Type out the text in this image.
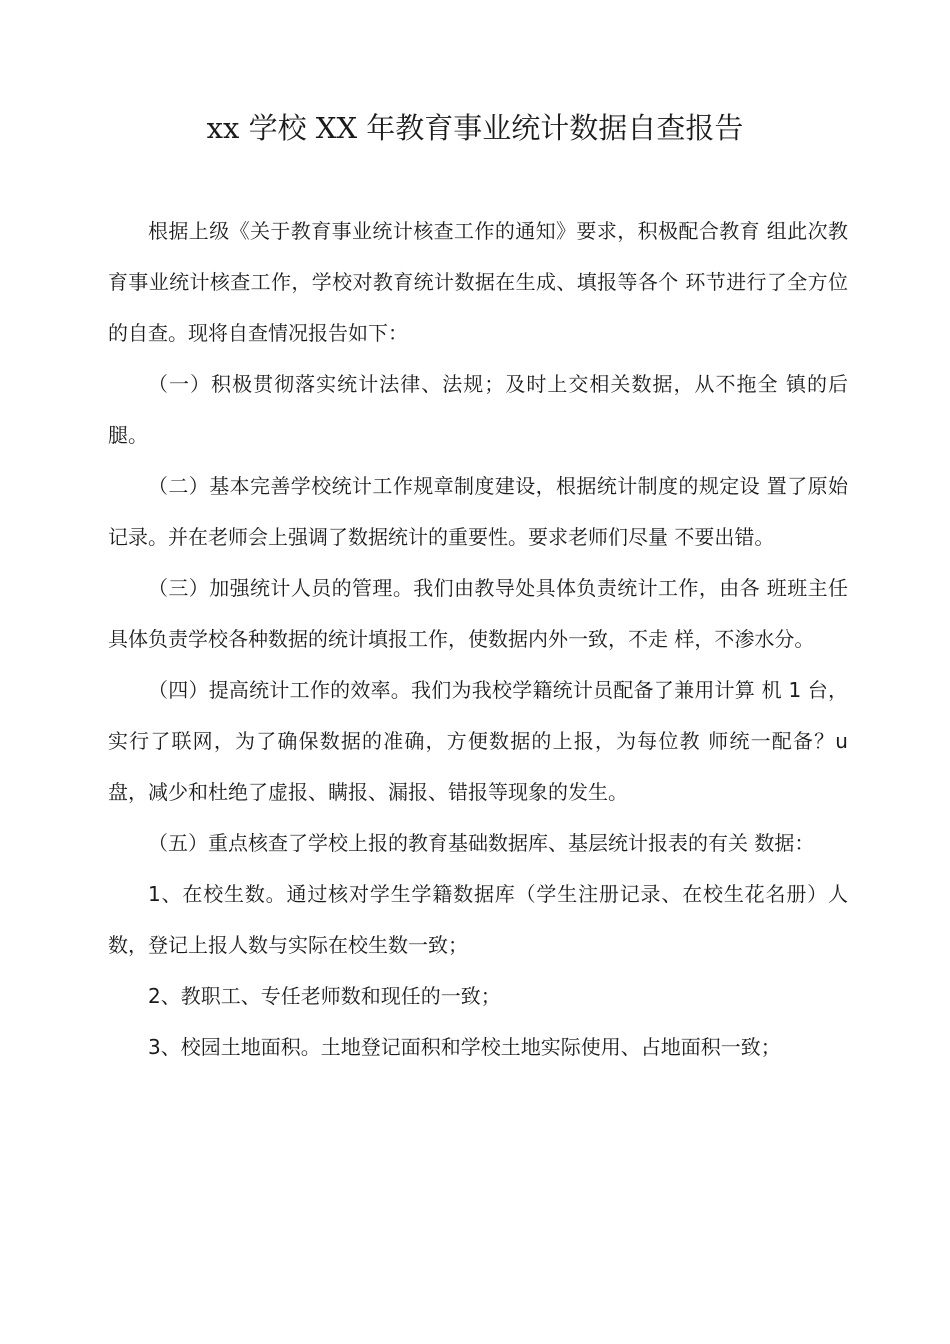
xx 学校 XX 年教育事业统计数据自查报告

根据上级《关于教育事业统计核查工作的通知》要求，积极配合教育 组此次教育事业统计核查工作，学校对教育统计数据在生成、填报等各个 环节进行了全方位的自查。现将自查情况报告如下：

（一）积极贯彻落实统计法律、法规；及时上交相关数据，从不拖全 镇的后腿。

（二）基本完善学校统计工作规章制度建设，根据统计制度的规定设 置了原始记录。并在老师会上强调了数据统计的重要性。要求老师们尽量 不要出错。

（三）加强统计人员的管理。我们由教导处具体负责统计工作，由各 班班主任具体负责学校各种数据的统计填报工作，使数据内外一致，不走 样，不渗水分。

（四）提高统计工作的效率。我们为我校学籍统计员配备了兼用计算 机 1 台，实行了联网，为了确保数据的准确，方便数据的上报，为每位教 师统一配备？u 盘，减少和杜绝了虚报、瞒报、漏报、错报等现象的发生。

（五）重点核查了学校上报的教育基础数据库、基层统计报表的有关 数据：

1、在校生数。通过核对学生学籍数据库（学生注册记录、在校生花名册）人数，登记上报人数与实际在校生数一致；

2、教职工、专任老师数和现任的一致；

3、校园土地面积。土地登记面积和学校土地实际使用、占地面积一致；
